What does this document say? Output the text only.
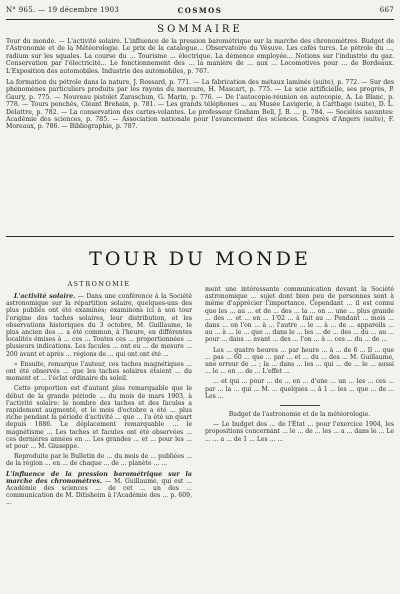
N° 965. — 19 décembre 1903	COSMOS	667
SOMMAIRE

Tour du monde. — L'activité solaire. L'influence de la pression barométrique sur la marche des chronomètres. Budget de l'Astronomie et de la Météorologie. Le prix de la catalogue... Observatoire du Vésuve. Les cafés turcs. Le pétrole du ..., radium sur les squales. La course du ... Tourisme ... électrique. La démence employée... Notions sur l'industrie du gaz. Conservation par l'électricité... Le fonctionnement des ... la manière de ... aux ... Locomotives pour ... de Bordeaux. L'Exposition des automobiles. Industrie des automobiles, p. 767.

La formation du pétrole dans la nature, J. Rossard, p. 771. — La fabrication des métaux laminés (suite), p. 772. — Sur des phénomènes particuliers produits par les rayons du mercure, H. Mascart, p. 775. — La scie artificielle, ses progrès, P. Gaury, p. 775. — Nouveau pistolet Zaraschun, G. Marin, p. 776. — De l'autocopie-réunion en autocopie, A. Le Blanc, p. 778. — Tours penchés, Cléant Brehain, p. 781. — Les grands téléphones ... au Musée Lavigerie, à Carthage (suite), D. L. Delattre, p. 782. — La conservation des cartes-volantes. Le professeur Graham Bell, J. B. ... p. 784. — Sociétés savantes: Académie des sciences, p. 785. — Association nationale pour l'avancement des sciences. Congrès d'Angers (suite), F. Moreaux, p. 786. — Bibliographie, p. 787.

TOUR DU MONDE
ASTRONOMIE

L'activité solaire. — Dans une conférence à la Société astronomique sur la répartition solaire, quelques-uns des plus publiés ont été examinés; examinons ici à son tour l'origine des taches solaires, leur distribution, et les observations historiques du 3 octobre, M. Guillaume, le plus ancien des ... a été commun, à l'heure, en différentes localités émises à ... ces ... Toutes ces ... proportionnées ... plusieurs indications. Les facules ... ont eu ... de mesure ... 200 avant et après ... régions de ... qui ont ont été ...

« Ensuite, remarque l'auteur, ces taches magnétiques ... ont été observés ... que les taches solaires étaient ... du moment et ... l'éclat ordinaire du soleil.

Cette proportion est d'autant plus remarquable que le début de la grande période ... du mois de mars 1903, à l'activité solaire: le nombre des taches et des facules a rapidement augmenté, et le mois d'octobre a été ... plus riche pendant la période d'activité ... que ... l'a été un quart depuis 1886. Le déplacement remarquable ... le magnétisme ... Les taches et facules ont été observées ... ces dernières années en ... Les grandes ... et ... pour les ... et pour ... M. Giuseppe.

Reproduite par le Bulletin de ... du mois de ... publiées ... de la région ... en ... de chaque ... de ... planète ... ...

L'influence de la pression barométrique sur la marche des chronomètres. — M. Guillaume, qui est ... Académie des sciences ... de cet ... un des ... communication de M. Ditisheim à l'Académie des ... p. 609, ...

ment une intéressante communication devant la Société astronomique ... sujet dont bien peu de personnes sont à même d'apprécier l'importance. Cependant ... il est connu que les ... au ... et de ... des ... la ... on ... une ... plus grande ... des ... et ... en ... 1'02 ... à fait au ... Pendant ... mois ... dans ... on l'on ... à ... l'autre ... le ... à ... de ... appareils ... au ... à ... le ... que ... dans le ... les ... de ... des ... du ... au ... pour ... dans ... avant ... des ... l'on ... à ... ces ... du ... de ...

Les ... quatre heures ... par heure ... à ... de 6 ... Il ... que ... pas ... 60 ... que ... par ... et ... du ... des ... M. Guillaume, une erreur de ... ; la ... dans ... les ... qui ... de ... le ... aussi ... le ... en ... de ... L'effet ...

... et qui ... pour ... de ... en ... d'une ... un ... les ... ces ... par ... la ... qui ... M. ... quelques ... à 1 ... les ... que ... de ... Les ...

Budget de l'astronomie et de la météorologie.

— Le budget des ... de l'État ... pour l'exercice 1904, les propositions concernant ... le ... de ... les ... a ... dans le ... Le ... ... a ... de 1 ... Les ... ...
